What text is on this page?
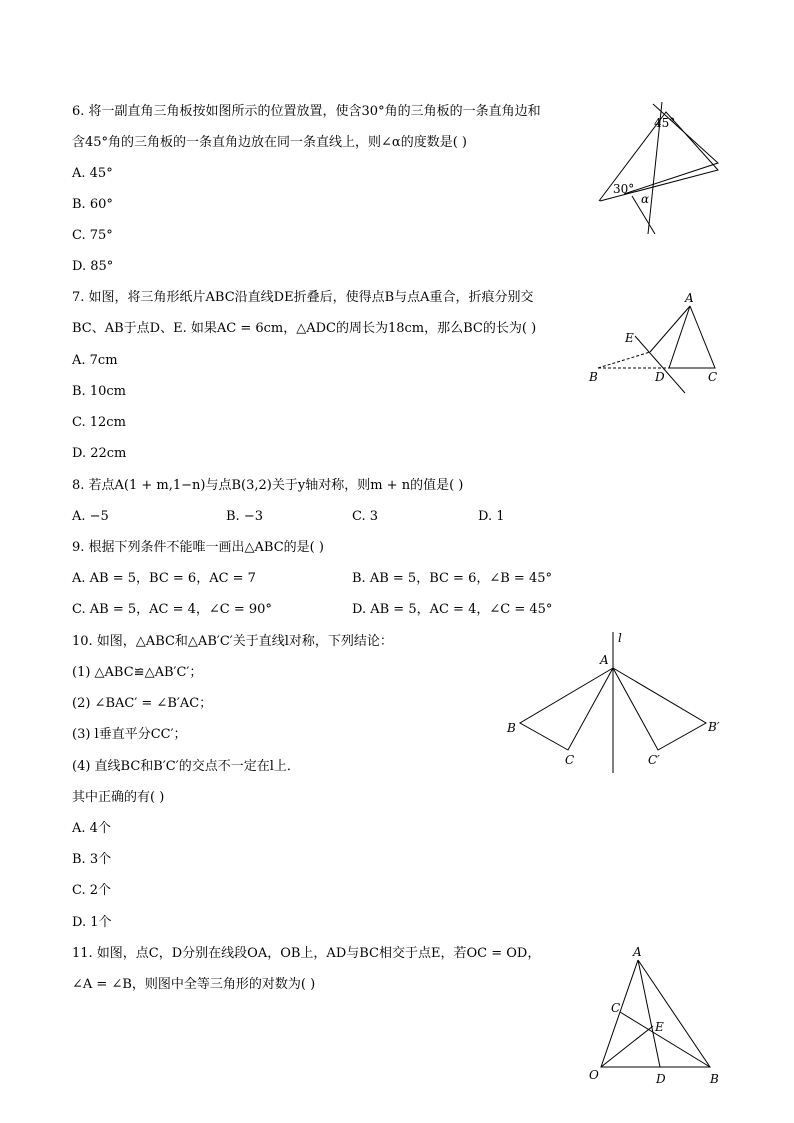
6. 将一副直角三角板按如图所示的位置放置，使含30°角的三角板的一条直角边和
含45°角的三角板的一条直角边放在同一条直线上，则∠α的度数是( )
A. 45°
B. 60°
C. 75°
D. 85°
45°
30°
α
7. 如图，将三角形纸片ABC沿直线DE折叠后，使得点B与点A重合，折痕分别交
BC、AB于点D、E. 如果AC = 6cm，△ADC的周长为18cm，那么BC的长为( )
A. 7cm
B. 10cm
C. 12cm
D. 22cm
A
E
B	D	C
8. 若点A(1 + m,1−n)与点B(3,2)关于y轴对称，则m + n的值是( )
A. −5	B. −3	C. 3	D. 1
9. 根据下列条件不能唯一画出△ABC的是( )
A. AB = 5，BC = 6，AC = 7	B. AB = 5，BC = 6，∠B = 45°
C. AB = 5，AC = 4，∠C = 90°	D. AB = 5，AC = 4，∠C = 45°
10. 如图，△ABC和△AB′C′关于直线l对称，下列结论：
(1) △ABC≌△AB′C′；
(2) ∠BAC′ = ∠B′AC；
(3) l垂直平分CC′；
(4) 直线BC和B′C′的交点不一定在l上．
其中正确的有( )
A. 4个
B. 3个
C. 2个
D. 1个
l
A
B
C
B′
C′
11. 如图，点C，D分别在线段OA，OB上，AD与BC相交于点E，若OC = OD，
∠A = ∠B，则图中全等三角形的对数为( )
A
C
E
O	D	B
